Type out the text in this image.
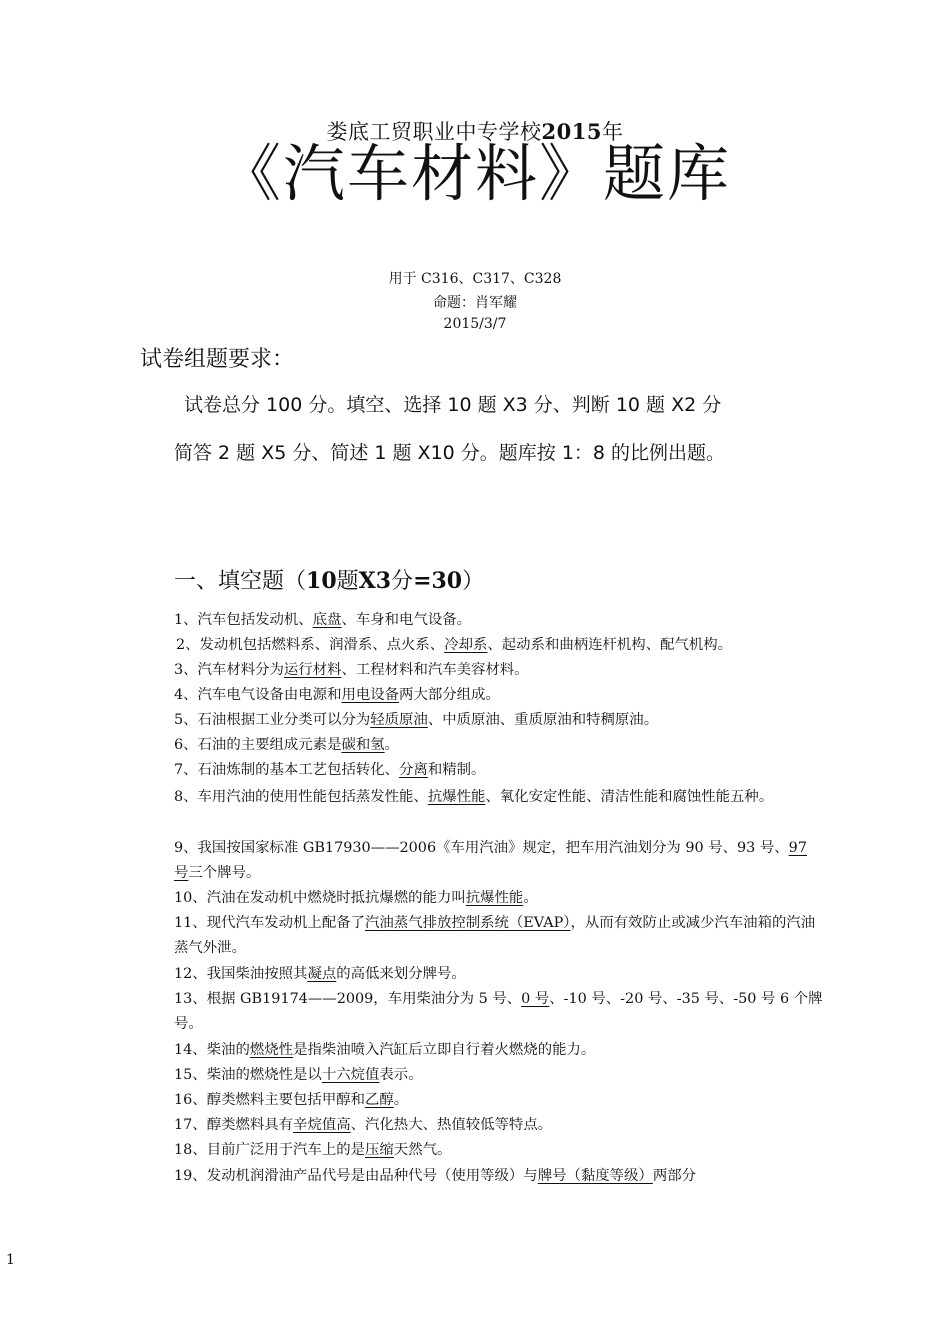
娄底工贸职业中专学校2015年
《汽车材料》题库
用于 C316、C317、C328
命题：肖军耀
2015/3/7
试卷组题要求：
试卷总分 100 分。填空、选择 10 题 X3 分、判断 10 题 X2 分
简答 2 题 X5 分、简述 1 题 X10 分。题库按 1：8 的比例出题。
一、填空题（10题X3分=30）
1、汽车包括发动机、底盘、车身和电气设备。
2、发动机包括燃料系、润滑系、点火系、冷却系、起动系和曲柄连杆机构、配气机构。
3、汽车材料分为运行材料、工程材料和汽车美容材料。
4、汽车电气设备由电源和用电设备两大部分组成。
5、石油根据工业分类可以分为轻质原油、中质原油、重质原油和特稠原油。
6、石油的主要组成元素是碳和氢。
7、石油炼制的基本工艺包括转化、分离和精制。
8、车用汽油的使用性能包括蒸发性能、抗爆性能、氧化安定性能、清洁性能和腐蚀性能五种。
9、我国按国家标准 GB17930——2006《车用汽油》规定，把车用汽油划分为 90 号、93 号、97 号三个牌号。
10、汽油在发动机中燃烧时抵抗爆燃的能力叫抗爆性能。
11、现代汽车发动机上配备了汽油蒸气排放控制系统（EVAP），从而有效防止或减少汽车油箱的汽油蒸气外泄。
12、我国柴油按照其凝点的高低来划分牌号。
13、根据 GB19174——2009，车用柴油分为 5 号、0 号、-10 号、-20 号、-35 号、-50 号 6 个牌号。
14、柴油的燃烧性是指柴油喷入汽缸后立即自行着火燃烧的能力。
15、柴油的燃烧性是以十六烷值表示。
16、醇类燃料主要包括甲醇和乙醇。
17、醇类燃料具有辛烷值高、汽化热大、热值较低等特点。
18、目前广泛用于汽车上的是压缩天然气。
19、发动机润滑油产品代号是由品种代号（使用等级）与牌号（黏度等级）两部分
1
